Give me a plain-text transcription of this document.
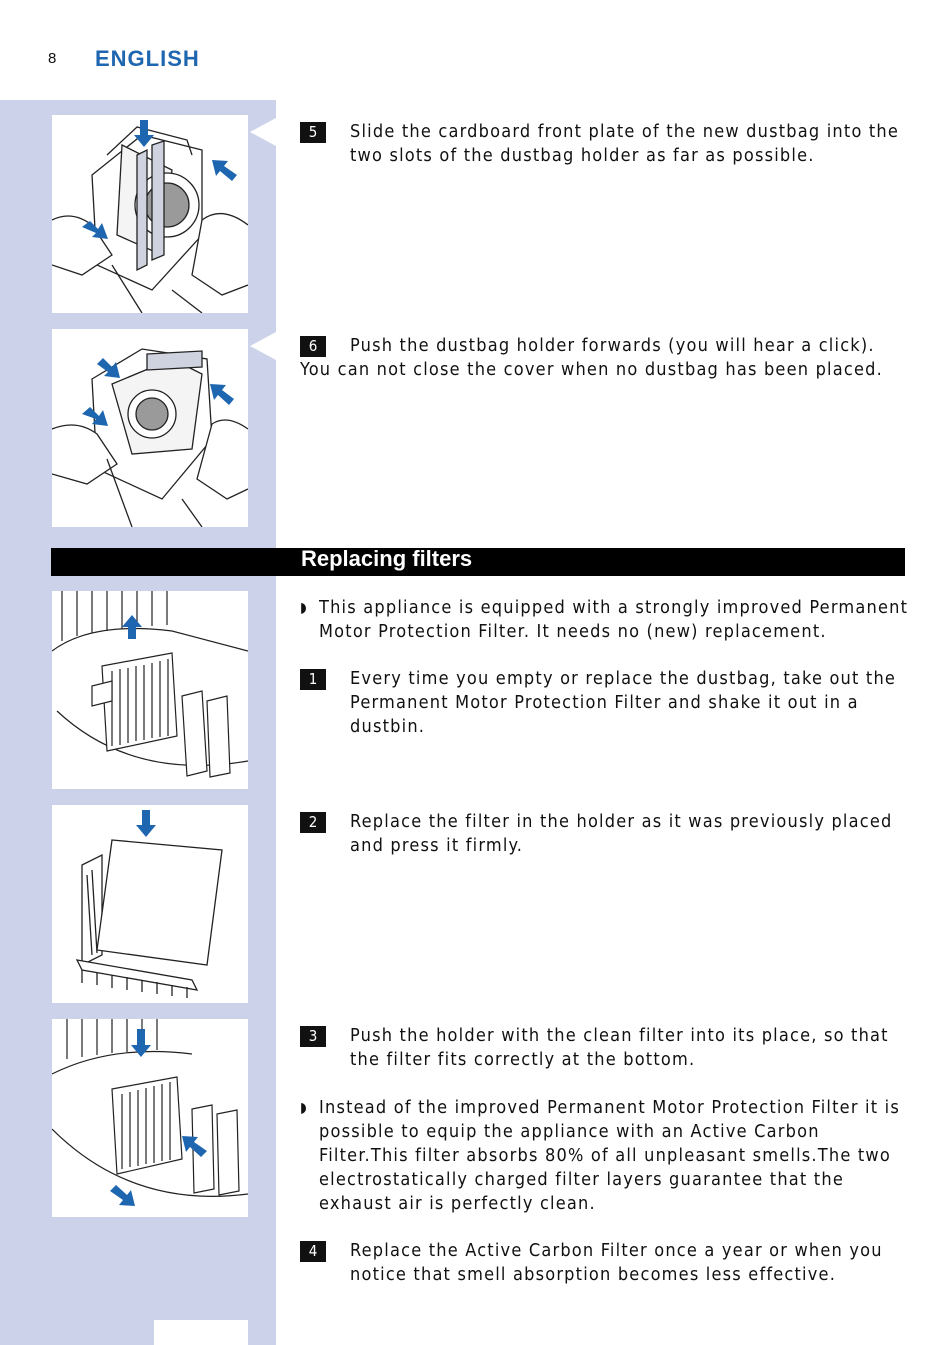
8 ENGLISH
5	Slide the cardboard front plate of the new dustbag into the two slots of the dustbag holder as far as possible.
6	Push the dustbag holder forwards (you will hear a click).
You can not close the cover when no dustbag has been placed.
Replacing filters
◗ This appliance is equipped with a strongly improved Permanent Motor Protection Filter. It needs no (new) replacement.
1	Every time you empty or replace the dustbag, take out the Permanent Motor Protection Filter and shake it out in a dustbin.
2	Replace the filter in the holder as it was previously placed and press it firmly.
3	Push the holder with the clean filter into its place, so that the filter fits correctly at the bottom.
◗ Instead of the improved Permanent Motor Protection Filter it is possible to equip the appliance with an Active Carbon Filter.This filter absorbs 80% of all unpleasant smells.The two electrostatically charged filter layers guarantee that the exhaust air is perfectly clean.
4	Replace the Active Carbon Filter once a year or when you notice that smell absorption becomes less effective.
